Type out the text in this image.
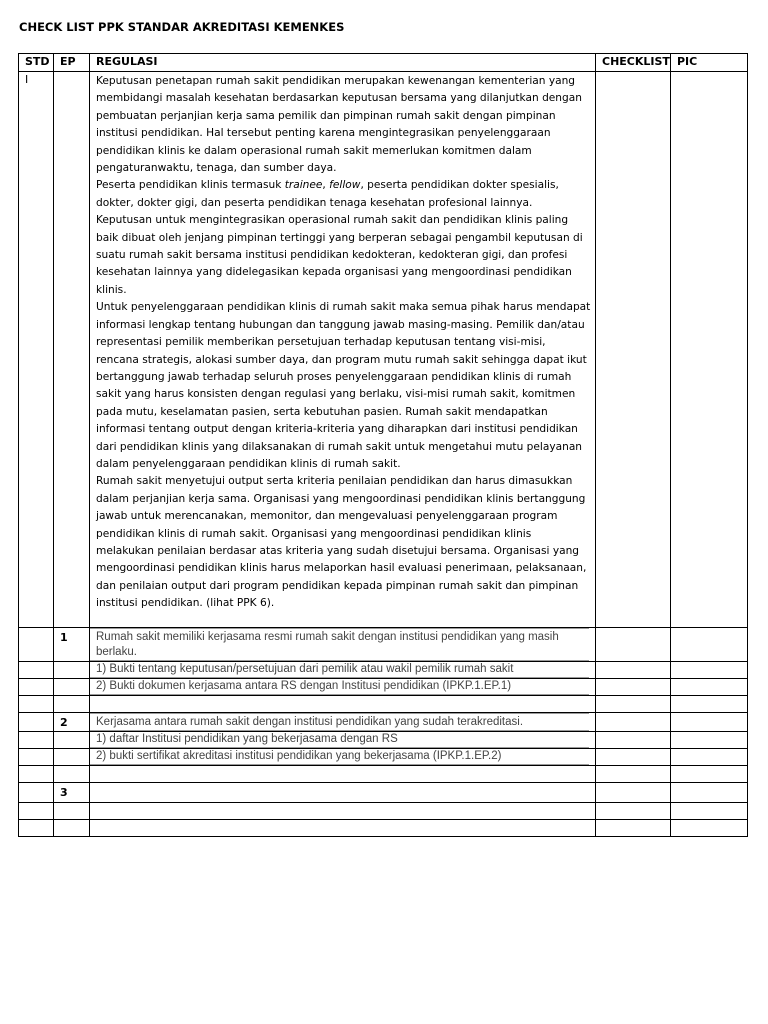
CHECK LIST PPK STANDAR AKREDITASI KEMENKES
STD	EP	REGULASI	CHECKLIST	PIC
I		Keputusan penetapan rumah sakit pendidikan merupakan kewenangan kementerian yang membidangi masalah kesehatan berdasarkan keputusan bersama yang dilanjutkan dengan pembuatan perjanjian kerja sama pemilik dan pimpinan rumah sakit dengan pimpinan institusi pendidikan. Hal tersebut penting karena mengintegrasikan penyelenggaraan pendidikan klinis ke dalam operasional rumah sakit memerlukan komitmen dalam pengaturanwaktu, tenaga, dan sumber daya.

Peserta pendidikan klinis termasuk trainee, fellow, peserta pendidikan dokter spesialis, dokter, dokter gigi, dan peserta pendidikan tenaga kesehatan profesional lainnya. Keputusan untuk mengintegrasikan operasional rumah sakit dan pendidikan klinis paling baik dibuat oleh jenjang pimpinan tertinggi yang berperan sebagai pengambil keputusan di suatu rumah sakit bersama institusi pendidikan kedokteran, kedokteran gigi, dan profesi kesehatan lainnya yang didelegasikan kepada organisasi yang mengoordinasi pendidikan klinis.

Untuk penyelenggaraan pendidikan klinis di rumah sakit maka semua pihak harus mendapat informasi lengkap tentang hubungan dan tanggung jawab masing-masing. Pemilik dan/atau representasi pemilik memberikan persetujuan terhadap keputusan tentang visi-misi, rencana strategis, alokasi sumber daya, dan program mutu rumah sakit sehingga dapat ikut bertanggung jawab terhadap seluruh proses penyelenggaraan pendidikan klinis di rumah sakit yang harus konsisten dengan regulasi yang berlaku, visi-misi rumah sakit, komitmen pada mutu, keselamatan pasien, serta kebutuhan pasien. Rumah sakit mendapatkan informasi tentang output dengan kriteria-kriteria yang diharapkan dari institusi pendidikan dari pendidikan klinis yang dilaksanakan di rumah sakit untuk mengetahui mutu pelayanan dalam penyelenggaraan pendidikan klinis di rumah sakit.

Rumah sakit menyetujui output serta kriteria penilaian pendidikan dan harus dimasukkan dalam perjanjian kerja sama. Organisasi yang mengoordinasi pendidikan klinis bertanggung jawab untuk merencanakan, memonitor, dan mengevaluasi penyelenggaraan program pendidikan klinis di rumah sakit. Organisasi yang mengoordinasi pendidikan klinis melakukan penilaian berdasar atas kriteria yang sudah disetujui bersama. Organisasi yang mengoordinasi pendidikan klinis harus melaporkan hasil evaluasi penerimaan, pelaksanaan, dan penilaian output dari program pendidikan kepada pimpinan rumah sakit dan pimpinan institusi pendidikan. (lihat PPK 6).		

	1	Rumah sakit memiliki kerjasama resmi rumah sakit dengan institusi pendidikan yang masih berlaku.		

		1) Bukti tentang keputusan/persetujuan dari pemilik atau wakil pemilik rumah sakit		

		2) Bukti dokumen kerjasama antara RS dengan Institusi pendidikan (IPKP.1.EP.1)		

	2	Kerjasama antara rumah sakit dengan institusi pendidikan yang sudah terakreditasi.		

		1) daftar Institusi pendidikan yang bekerjasama dengan RS		

		2) bukti sertifikat akreditasi institusi pendidikan yang bekerjasama (IPKP.1.EP.2)		

	3			
